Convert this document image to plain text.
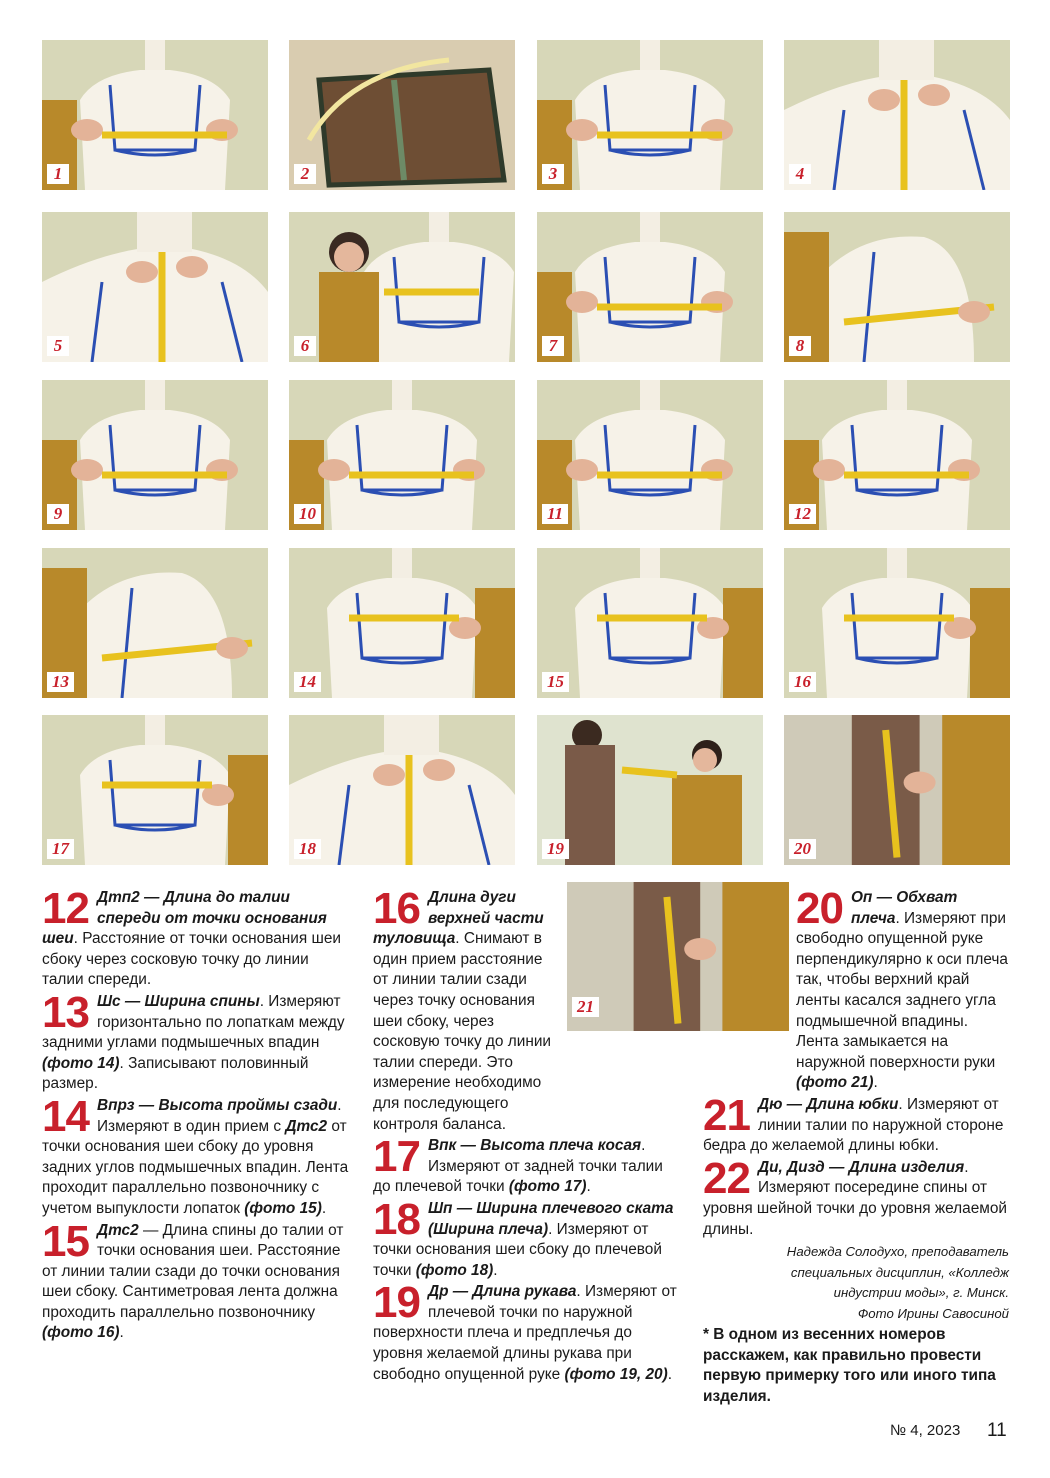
1	2	3	4
5	6	7	8
9	10	11	12
13	14	15	16
17	18	19	20
12 Дтп2 — Длина до талии спереди от точки основания шеи. Расстояние от точки основания шеи сбоку через сосковую точку до линии талии спереди.
13 Шс — Ширина спины. Измеряют горизонтально по лопаткам между задними углами подмышечных впадин (фото 14). Записывают половинный размер.
14 Впрз — Высота проймы сзади. Измеряют в один прием с Дтс2 от точки основания шеи сбоку до уровня задних углов подмышечных впадин. Лента проходит параллельно позвоночнику с учетом выпуклости лопаток (фото 15).
15 Дтс2 — Длина спины до талии от точки основания шеи. Расстояние от линии талии сзади до точки основания шеи сбоку. Сантиметровая лента должна проходить параллельно позвоночнику (фото 16).
21
16 Длина дуги верхней части туловища. Снимают в один прием расстояние от линии талии сзади через точку основания шеи сбоку, через сосковую точку до линии талии спереди. Это измерение необходимо для последующего контроля баланса.
17 Впк — Высота плеча косая. Измеряют от задней точки талии до плечевой точки (фото 17).
18 Шп — Ширина плечевого ската (Ширина плеча). Измеряют от точки основания шеи сбоку до плечевой точки (фото 18).
19 Др — Длина рукава. Измеряют от плечевой точки по наружной поверхности плеча и предплечья до уровня желаемой длины рукава при свободно опущенной руке (фото 19, 20).
20 Оп — Обхват плеча. Измеряют при свободно опущенной руке перпендикулярно к оси плеча так, чтобы верхний край ленты касался заднего угла подмышечной впадины. Лента замыкается на наружной поверхности руки (фото 21).
21 Дю — Длина юбки. Измеряют от линии талии по наружной стороне бедра до желаемой длины юбки.
22 Ди, Дизд — Длина изделия. Измеряют посередине спины от уровня шейной точки до уровня желаемой длины.
Надежда Солодухо, преподаватель
специальных дисциплин, «Колледж
индустрии моды», г. Минск.
Фото Ирины Савосиной
* В одном из весенних номеров расскажем, как правильно провести первую примерку того или иного типа изделия.
№ 4, 2023 11
